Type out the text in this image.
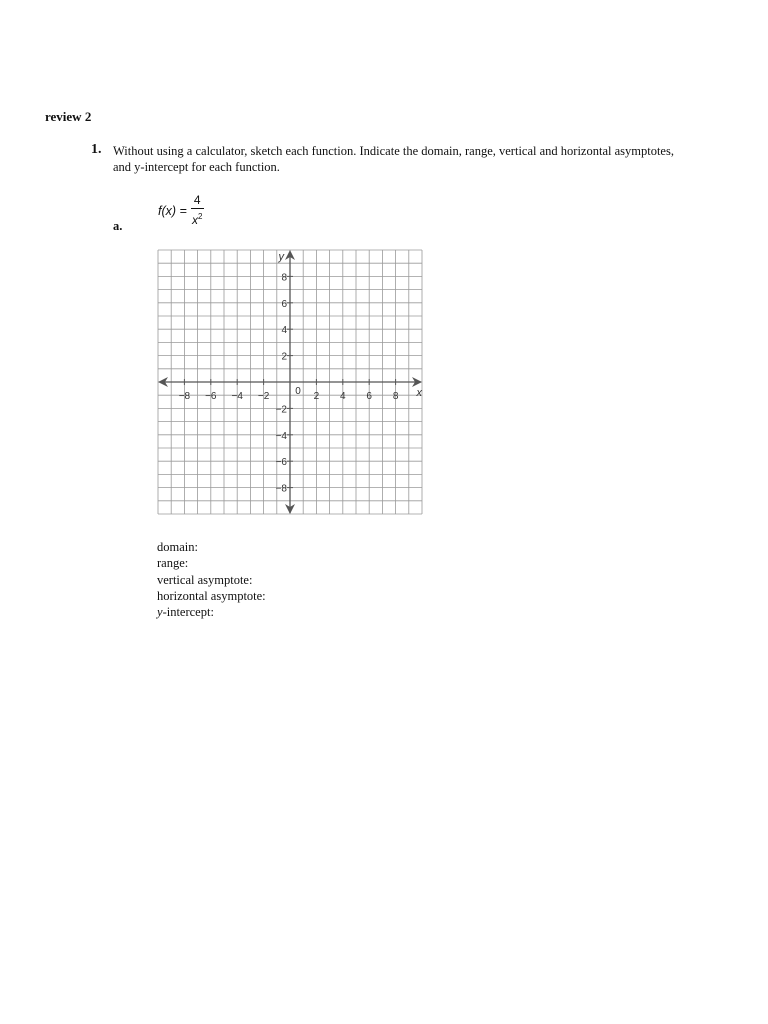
review 2
1. Without using a calculator, sketch each function. Indicate the domain, range, vertical and horizontal asymptotes, and y-intercept for each function.
a.
$f(x) = \frac{4}{x^2}$
−8 −6 −4 −2	2 4 6 8
8
6
4
2
−2
−4
−6
−8
0	x
y
domain:
range:
vertical asymptote:
horizontal asymptote:
y-intercept:
